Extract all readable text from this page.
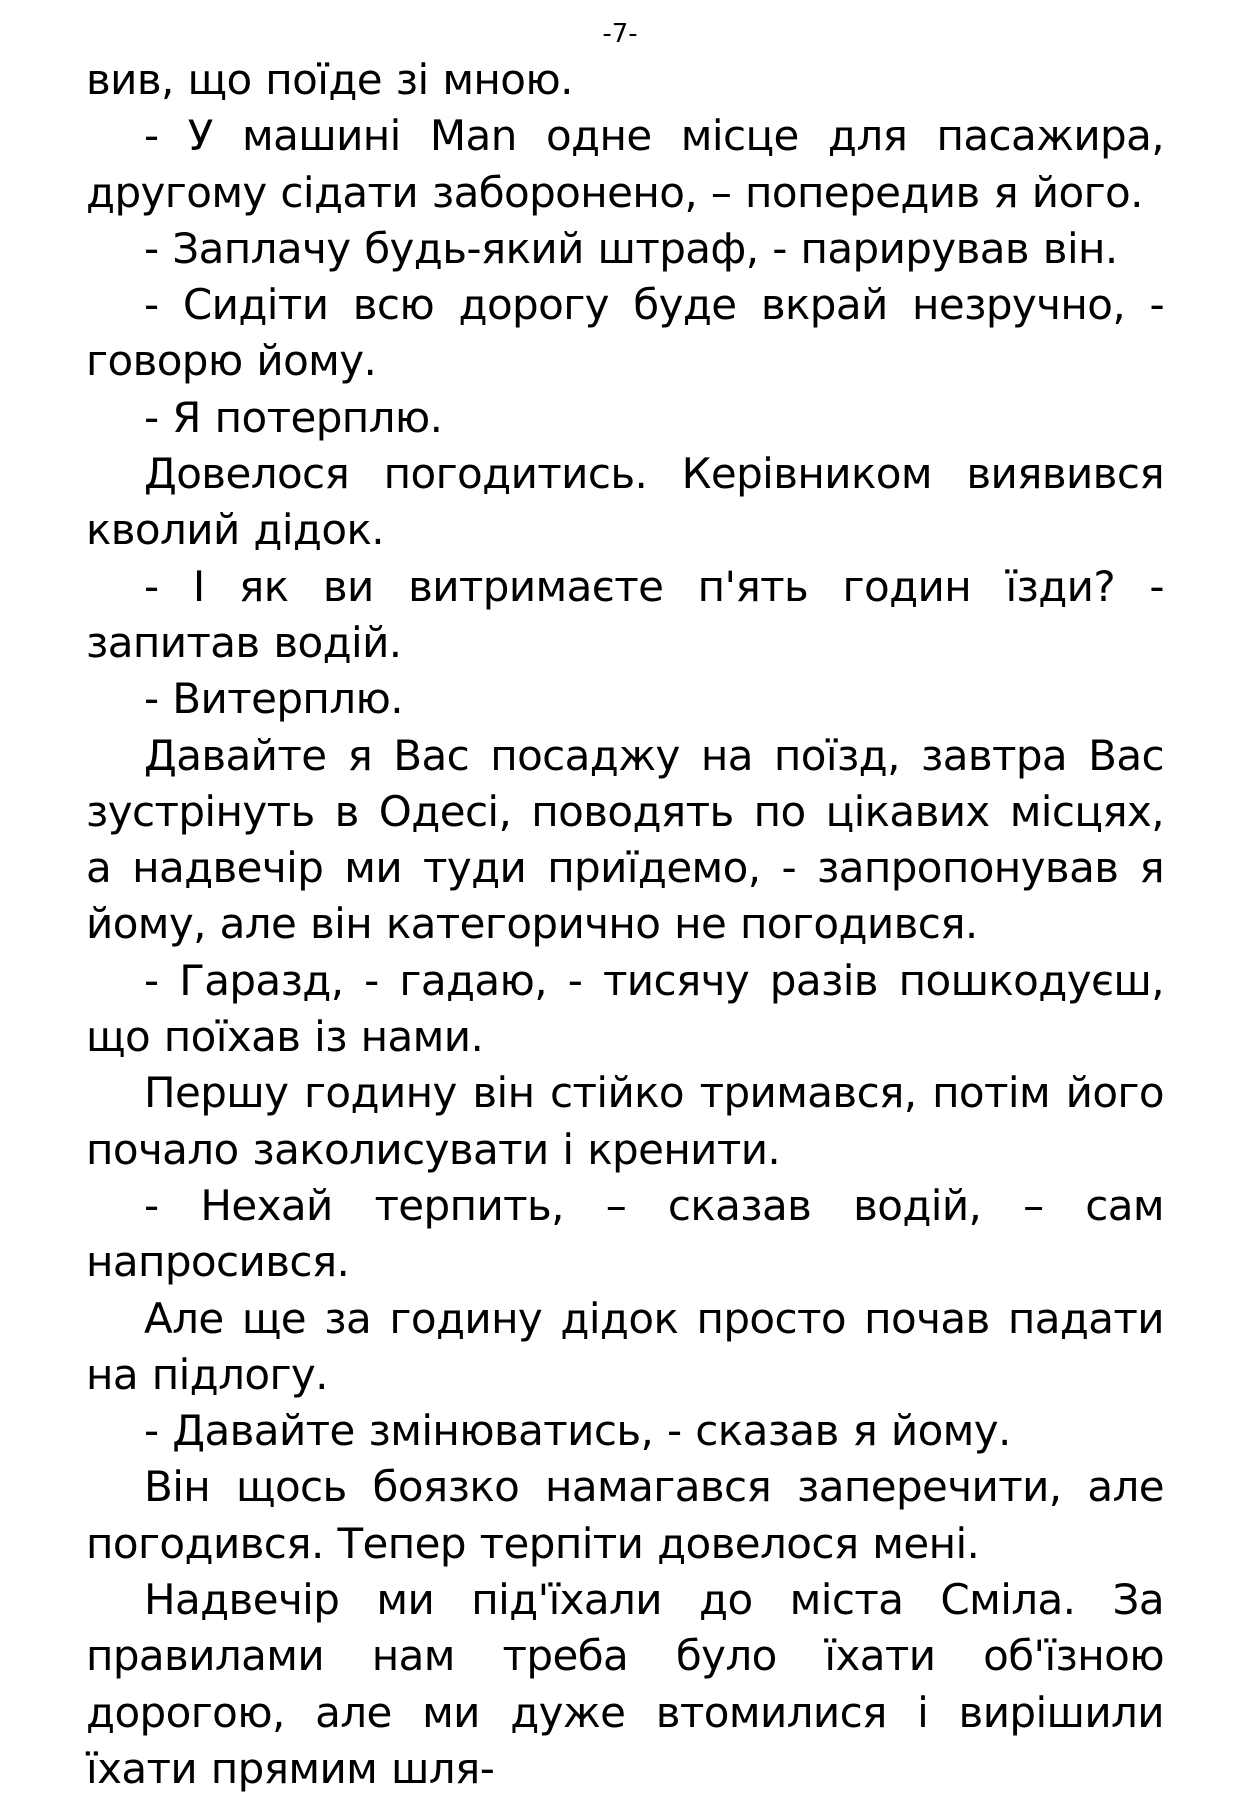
-7-

вив, що поїде зі мною.

- У машині Man одне місце для пасажира, другому сідати заборонено, – попередив я його.

- Заплачу будь-який штраф, - парирував він.

- Сидіти всю дорогу буде вкрай незручно, - говорю йому.

- Я потерплю.

Довелося погодитись. Керівником виявився кволий дідок.

- І як ви витримаєте п'ять годин їзди? - запитав водій.

- Витерплю.

Давайте я Вас посаджу на поїзд, завтра Вас зустрінуть в Одесі, поводять по цікавих місцях, а надвечір ми туди приїдемо, - запропонував я йому, але він категорично не погодився.

- Гаразд, - гадаю, - тисячу разів пошкодуєш, що поїхав із нами.

Першу годину він стійко тримався, потім його почало заколисувати і кренити.

- Нехай терпить, – сказав водій, – сам напросився.

Але ще за годину дідок просто почав падати на підлогу.

- Давайте змінюватись, - сказав я йому.

Він щось боязко намагався заперечити, але погодився. Тепер терпіти довелося мені.

Надвечір ми під'їхали до міста Сміла. За правилами нам треба було їхати об'їзною дорогою, але ми дуже втомилися і вирішили їхати прямим шля-
